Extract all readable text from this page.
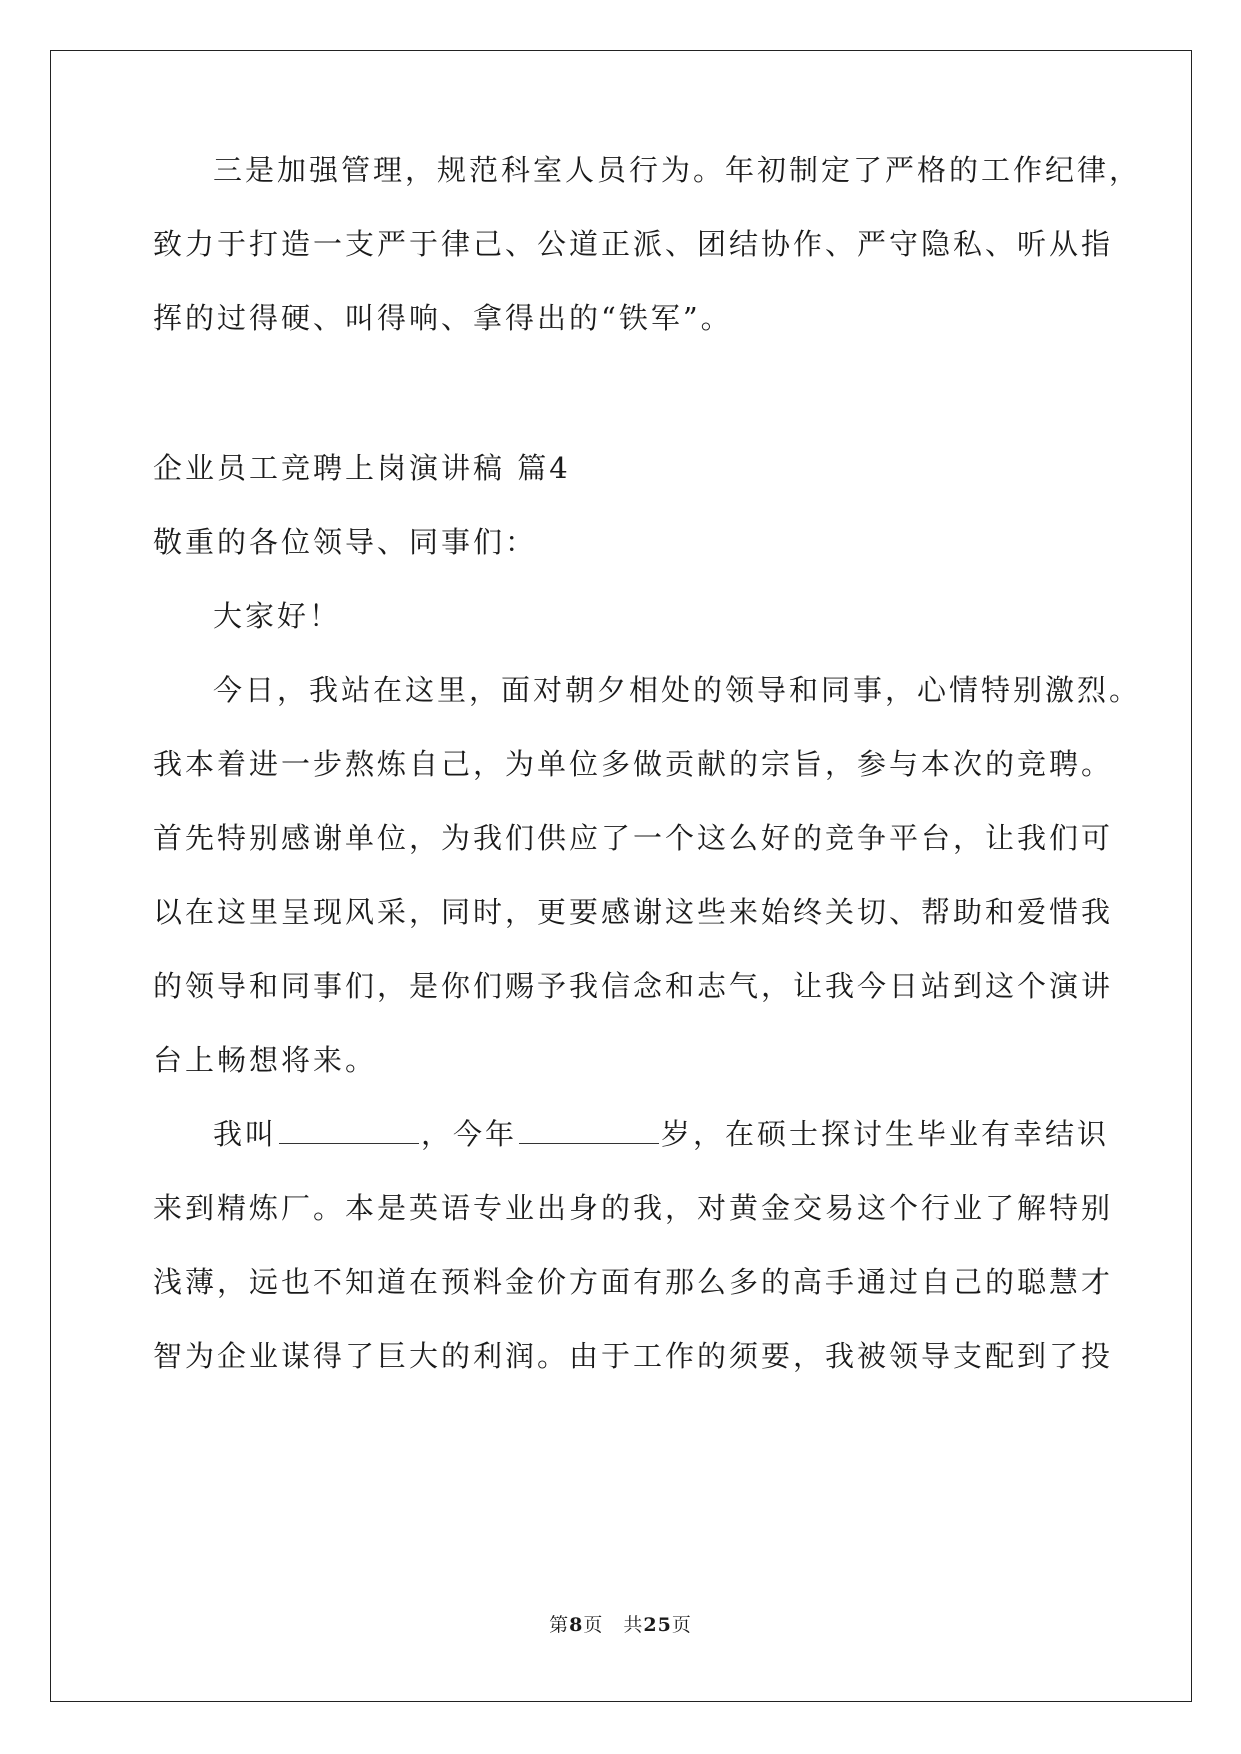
三是加强管理，规范科室人员行为。年初制定了严格的工作纪律，
致力于打造一支严于律己、公道正派、团结协作、严守隐私、听从指
挥的过得硬、叫得响、拿得出的“铁军”。
企业员工竞聘上岗演讲稿 篇4
敬重的各位领导、同事们：
大家好！
今日，我站在这里，面对朝夕相处的领导和同事，心情特别激烈。
我本着进一步熬炼自己，为单位多做贡献的宗旨，参与本次的竞聘。
首先特别感谢单位，为我们供应了一个这么好的竞争平台，让我们可
以在这里呈现风采，同时，更要感谢这些来始终关切、帮助和爱惜我
的领导和同事们，是你们赐予我信念和志气，让我今日站到这个演讲
台上畅想将来。
我叫	，今年	岁，在硕士探讨生毕业有幸结识
来到精炼厂。本是英语专业出身的我，对黄金交易这个行业了解特别
浅薄，远也不知道在预料金价方面有那么多的高手通过自己的聪慧才
智为企业谋得了巨大的利润。由于工作的须要，我被领导支配到了投
第8页　共25页
